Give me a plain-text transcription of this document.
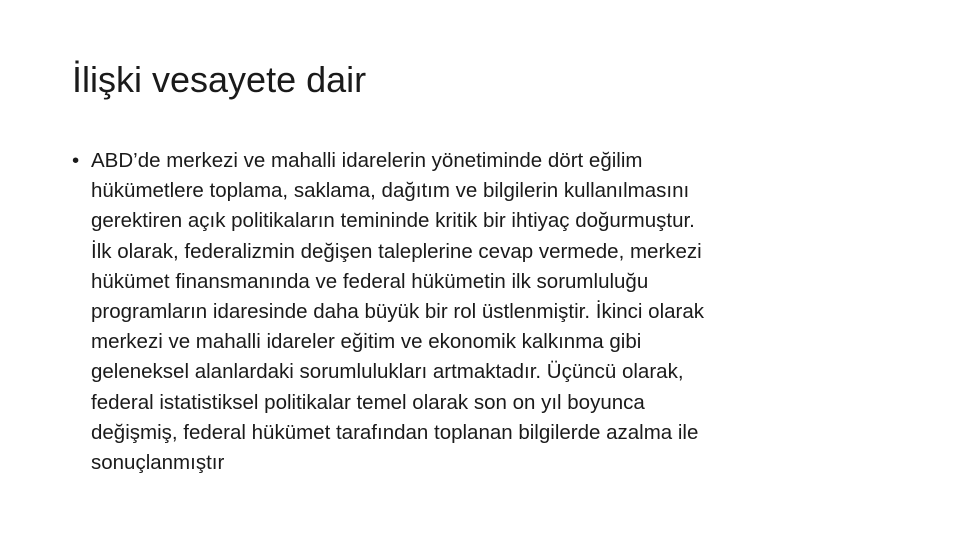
İlişki vesayete dair
• ABD’de merkezi ve mahalli idarelerin yönetiminde dört eğilim
hükümetlere toplama, saklama, dağıtım ve bilgilerin kullanılmasını
gerektiren açık politikaların temininde kritik bir ihtiyaç doğurmuştur.
İlk olarak, federalizmin değişen taleplerine cevap vermede, merkezi
hükümet finansmanında ve federal hükümetin ilk sorumluluğu
programların idaresinde daha büyük bir rol üstlenmiştir. İkinci olarak
merkezi ve mahalli idareler eğitim ve ekonomik kalkınma gibi
geleneksel alanlardaki sorumlulukları artmaktadır. Üçüncü olarak,
federal istatistiksel politikalar temel olarak son on yıl boyunca
değişmiş, federal hükümet tarafından toplanan bilgilerde azalma ile
sonuçlanmıştır
